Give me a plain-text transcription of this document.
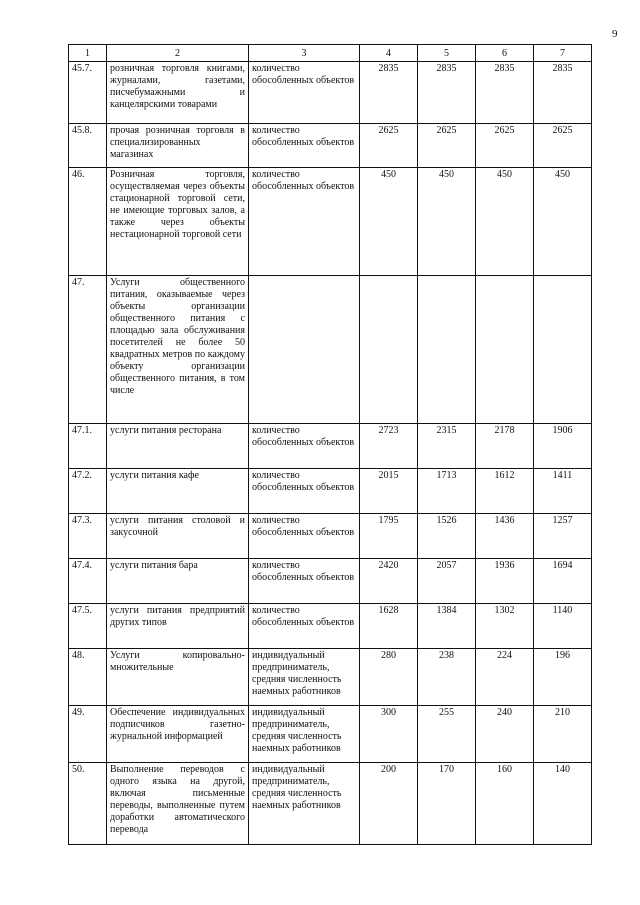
9
1	2	3	4	5	6	7
45.7.	розничная торговля книгами, журналами, газетами, писчебумажными и канцелярскими товарами	количество обособленных объектов	2835	2835	2835	2835
45.8.	прочая розничная торговля в специализированных магазинах	количество обособленных объектов	2625	2625	2625	2625
46.	Розничная торговля, осуществляемая через объекты стационарной торговой сети, не имеющие торговых залов, а также через объекты нестационарной торговой сети	количество обособленных объектов	450	450	450	450
47.	Услуги общественного питания, оказываемые через объекты организации общественного питания с площадью зала обслуживания посетителей не более 50 квадратных метров по каждому объекту организации общественного питания, в том числе					
47.1.	услуги питания ресторана	количество обособленных объектов	2723	2315	2178	1906
47.2.	услуги питания кафе	количество обособленных объектов	2015	1713	1612	1411
47.3.	услуги питания столовой и закусочной	количество обособленных объектов	1795	1526	1436	1257
47.4.	услуги питания бара	количество обособленных объектов	2420	2057	1936	1694
47.5.	услуги питания предприятий других типов	количество обособленных объектов	1628	1384	1302	1140
48.	Услуги копировально-множительные	индивидуальный предприниматель, средняя численность наемных работников	280	238	224	196
49.	Обеспечение индивидуальных подписчиков газетно-журнальной информацией	индивидуальный предприниматель, средняя численность наемных работников	300	255	240	210
50.	Выполнение переводов с одного языка на другой, включая письменные переводы, выполненные путем доработки автоматического перевода	индивидуальный предприниматель, средняя численность наемных работников	200	170	160	140
